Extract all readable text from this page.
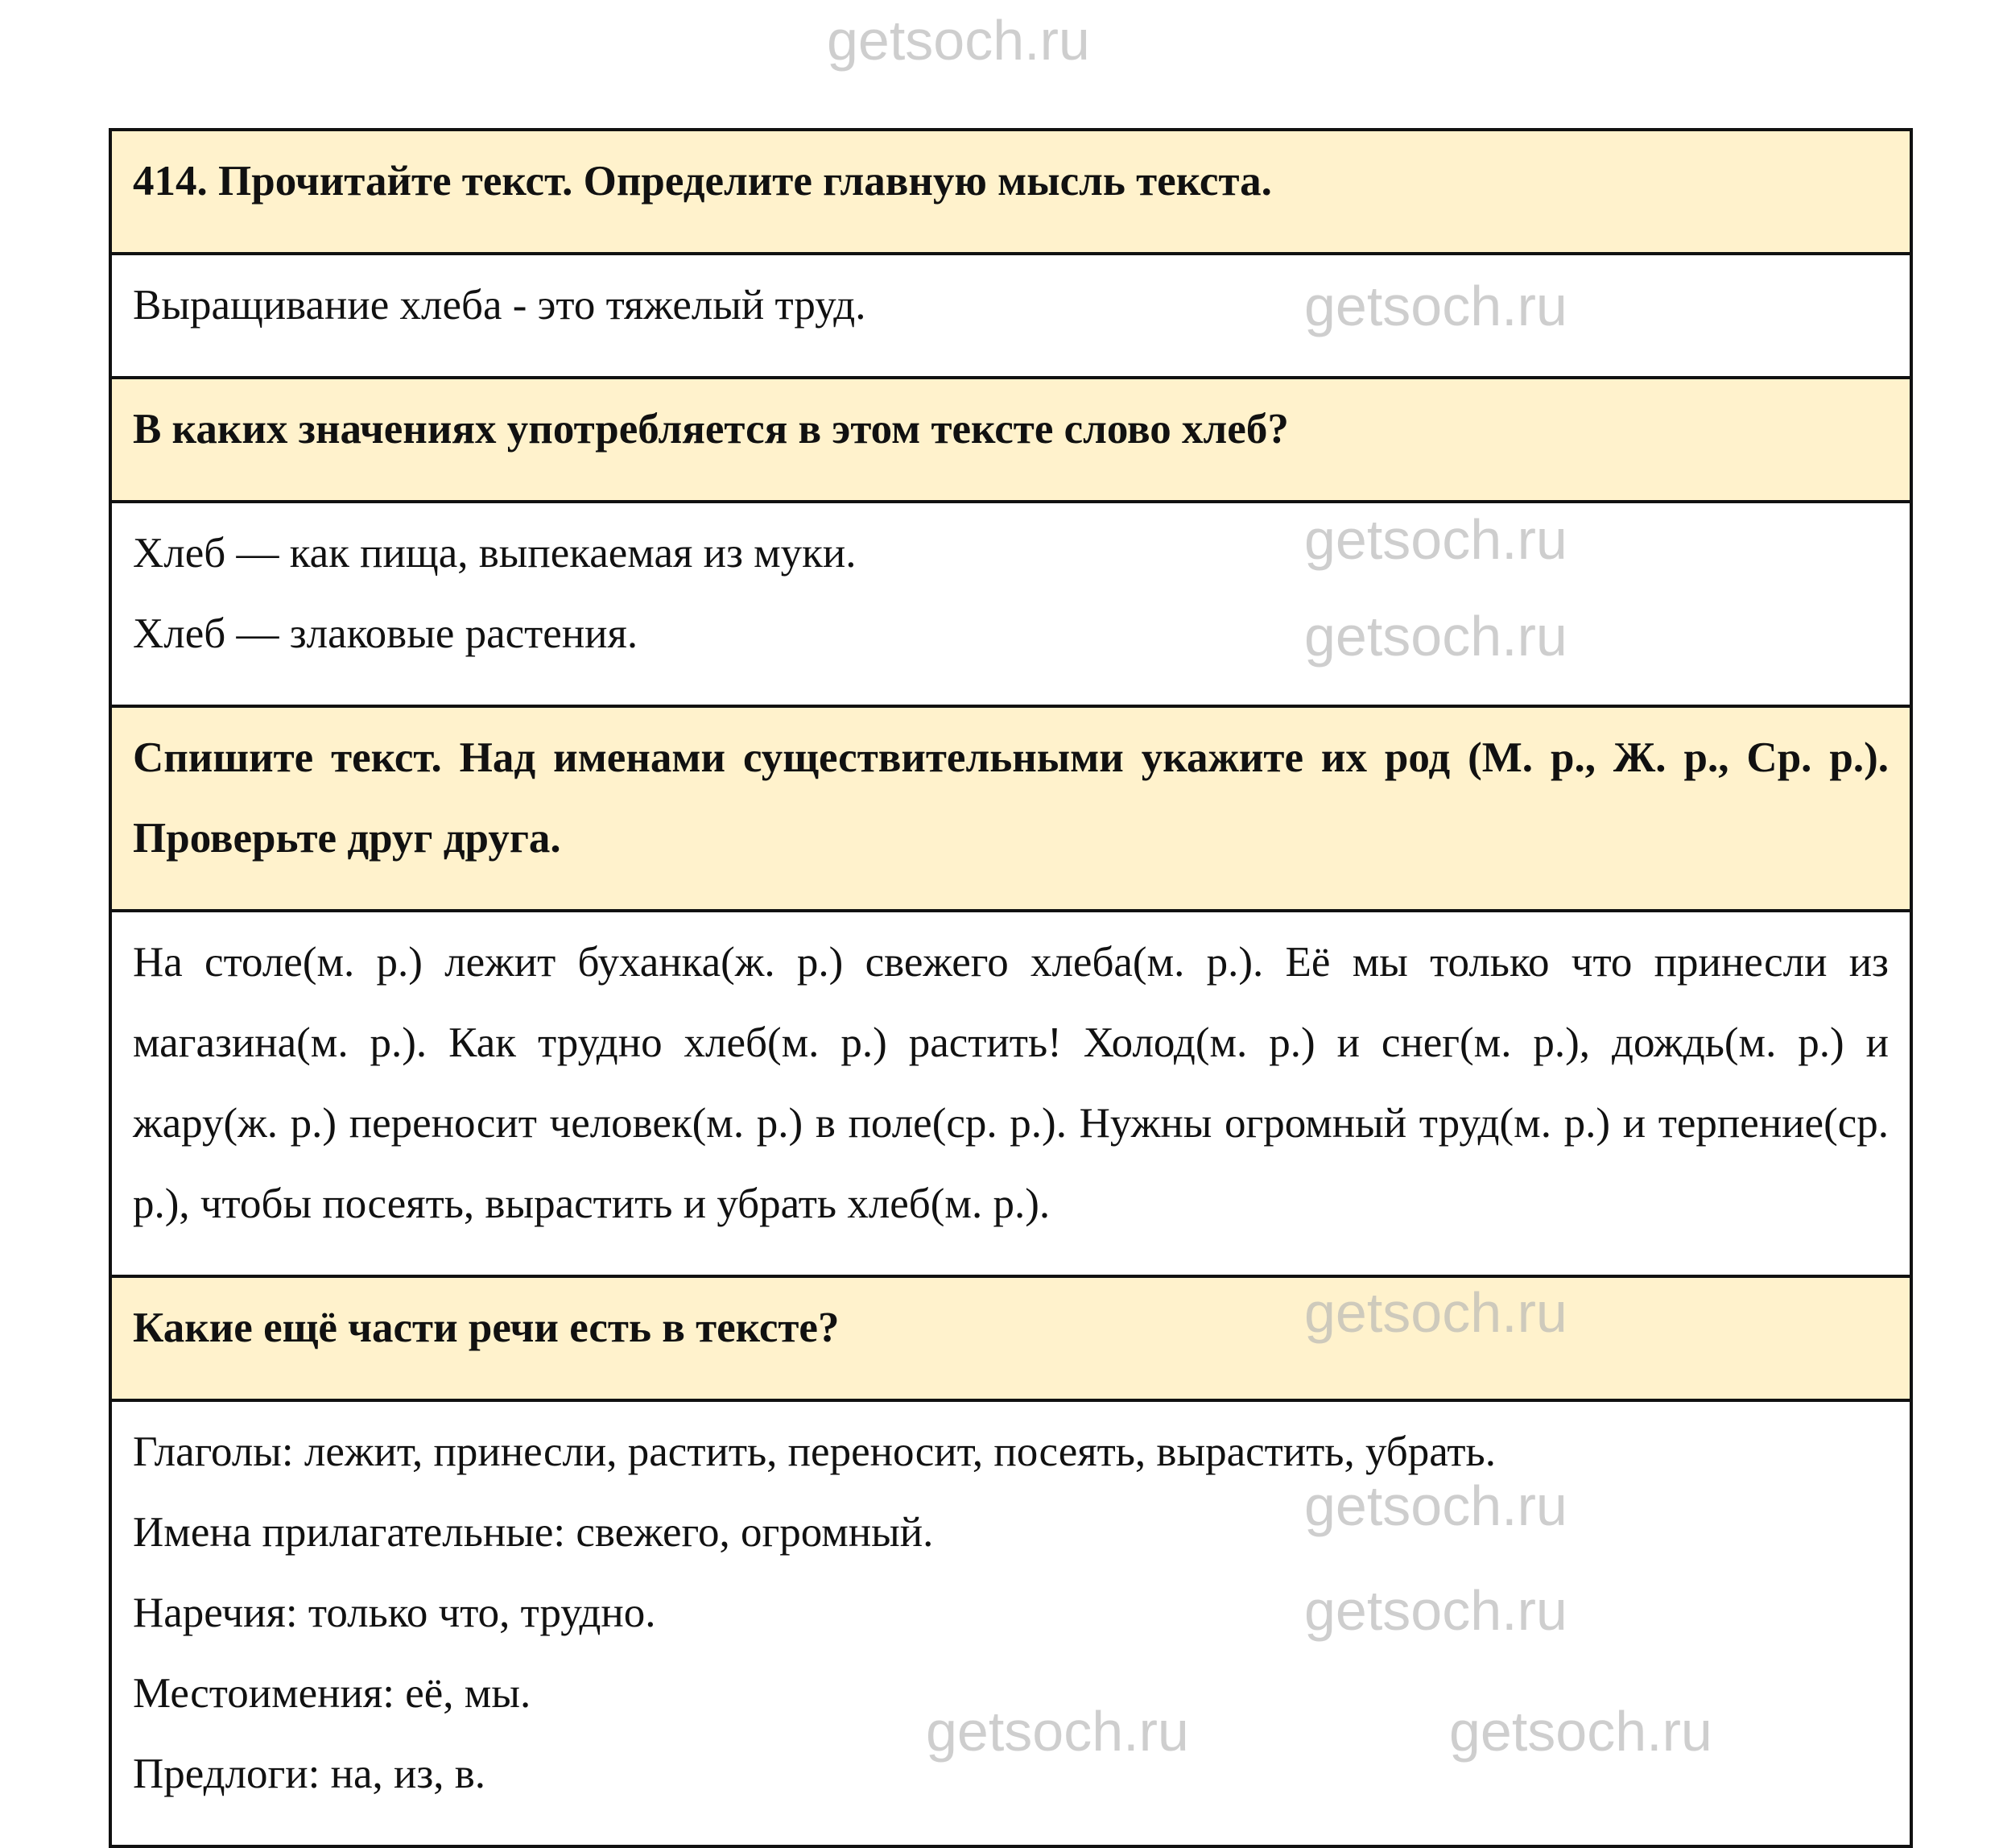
414. Прочитайте текст. Определите главную мысль текста.
Выращивание хлеба - это тяжелый труд.
В каких значениях употребляется в этом тексте слово хлеб?
Хлеб — как пища, выпекаемая из муки.
Хлеб — злаковые растения.
Спишите текст. Над именами существительными укажите их род (М. р., Ж. р., Ср. р.). Проверьте друг друга.
На столе(м. р.) лежит буханка(ж. р.) свежего хлеба(м. р.). Её мы только что принесли из магазина(м. р.). Как трудно хлеб(м. р.) растить! Холод(м. р.) и снег(м. р.), дождь(м. р.) и жару(ж. р.) переносит человек(м. р.) в поле(ср. р.). Нужны огромный труд(м. р.) и терпение(ср. р.), чтобы посеять, вырастить и убрать хлеб(м. р.).
Какие ещё части речи есть в тексте?
Глаголы: лежит, принесли, растить, переносит, посеять, вырастить, убрать.
Имена прилагательные: свежего, огромный.
Наречия: только что, трудно.
Местоимения: её, мы.
Предлоги: на, из, в.
getsoch.ru
getsoch.ru
getsoch.ru
getsoch.ru
getsoch.ru
getsoch.ru
getsoch.ru
getsoch.ru	getsoch.ru
